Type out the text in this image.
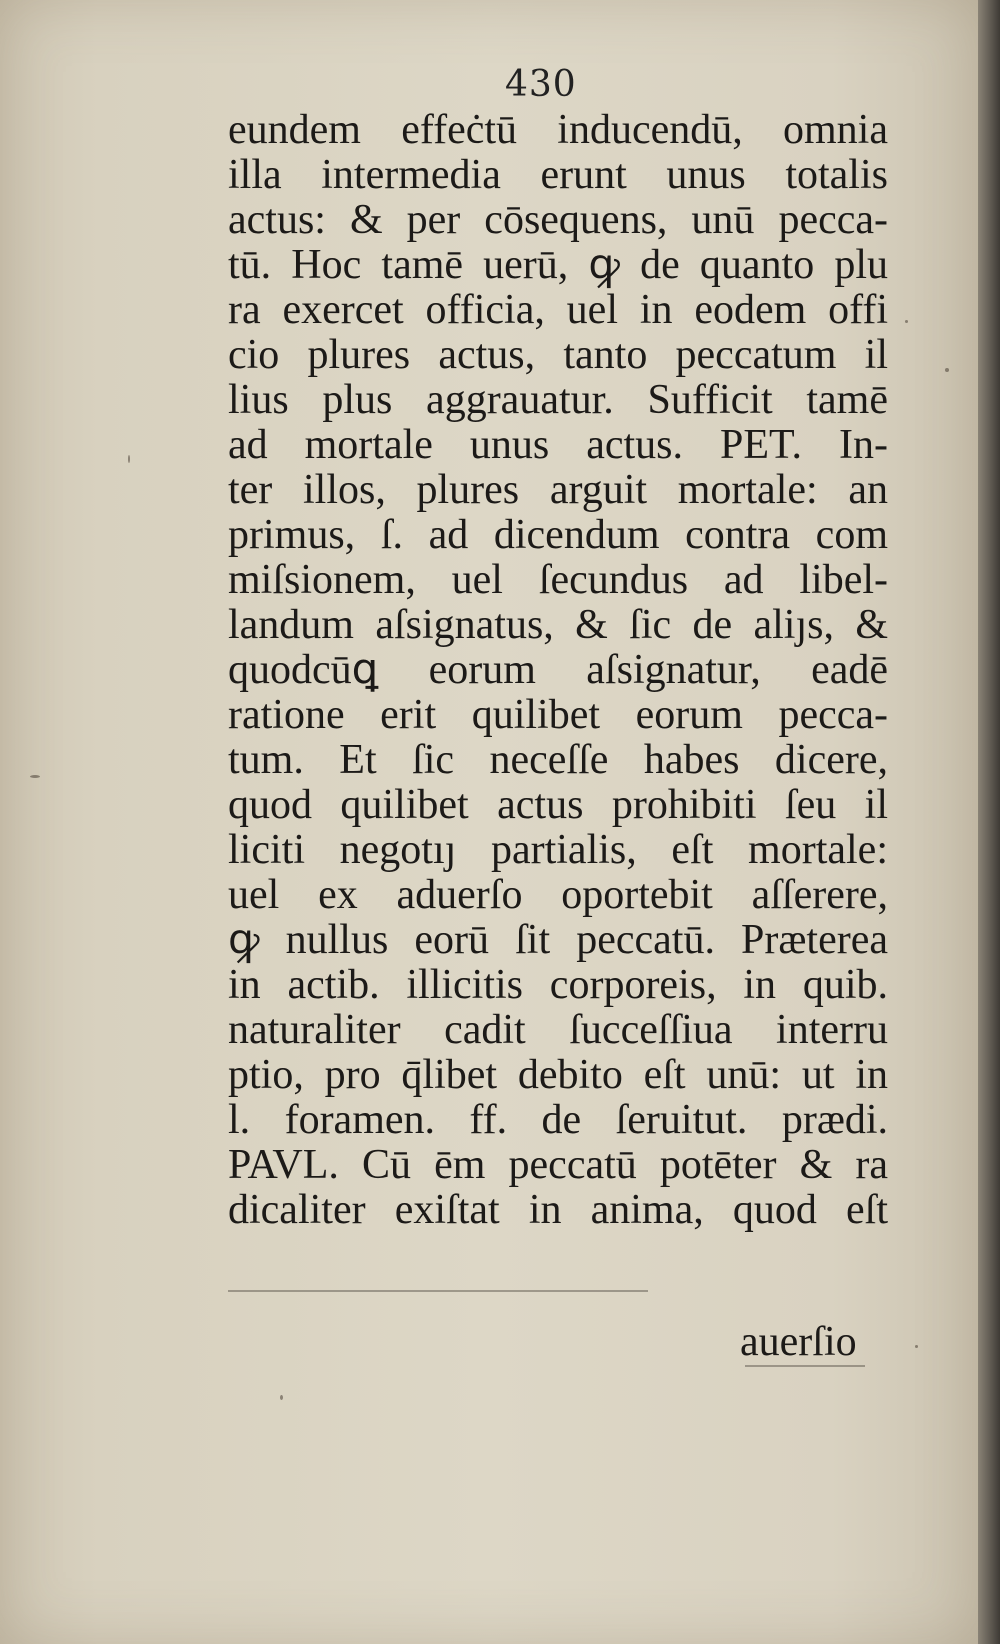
430
eundem effeċtū inducendū, omnia
illa intermedia erunt unus totalis
actus: & per cōsequens, unū pecca-
tū. Hoc tamē uerū, ꝙ de quanto plu
ra exercet officia, uel in eodem offi
cio plures actus, tanto peccatum il
lius plus aggrauatur. Sufficit tamē
ad mortale unus actus. PET. In-
ter illos, plures arguit mortale: an
primus, ſ. ad dicendum contra com
miſsionem, uel ſecundus ad libel-
landum aſsignatus, & ſic de aliȷs, &
quodcūꝗ eorum aſsignatur, eadē
ratione erit quilibet eorum pecca-
tum. Et ſic neceſſe habes dicere,
quod quilibet actus prohibiti ſeu il
liciti negotıȷ partialis, eſt mortale:
uel ex aduerſo oportebit aſſerere,
ꝙ nullus eorū ſit peccatū. Præterea
in actib. illicitis corporeis, in quib.
naturaliter cadit ſucceſſiua interru
ptio, pro q̄libet debito eſt unū: ut in
l. foramen. ff. de ſeruitut. prædi.
PAVL. Cū ēm peccatū potēter & ra
dicaliter exiſtat in anima, quod eſt
auerſio
